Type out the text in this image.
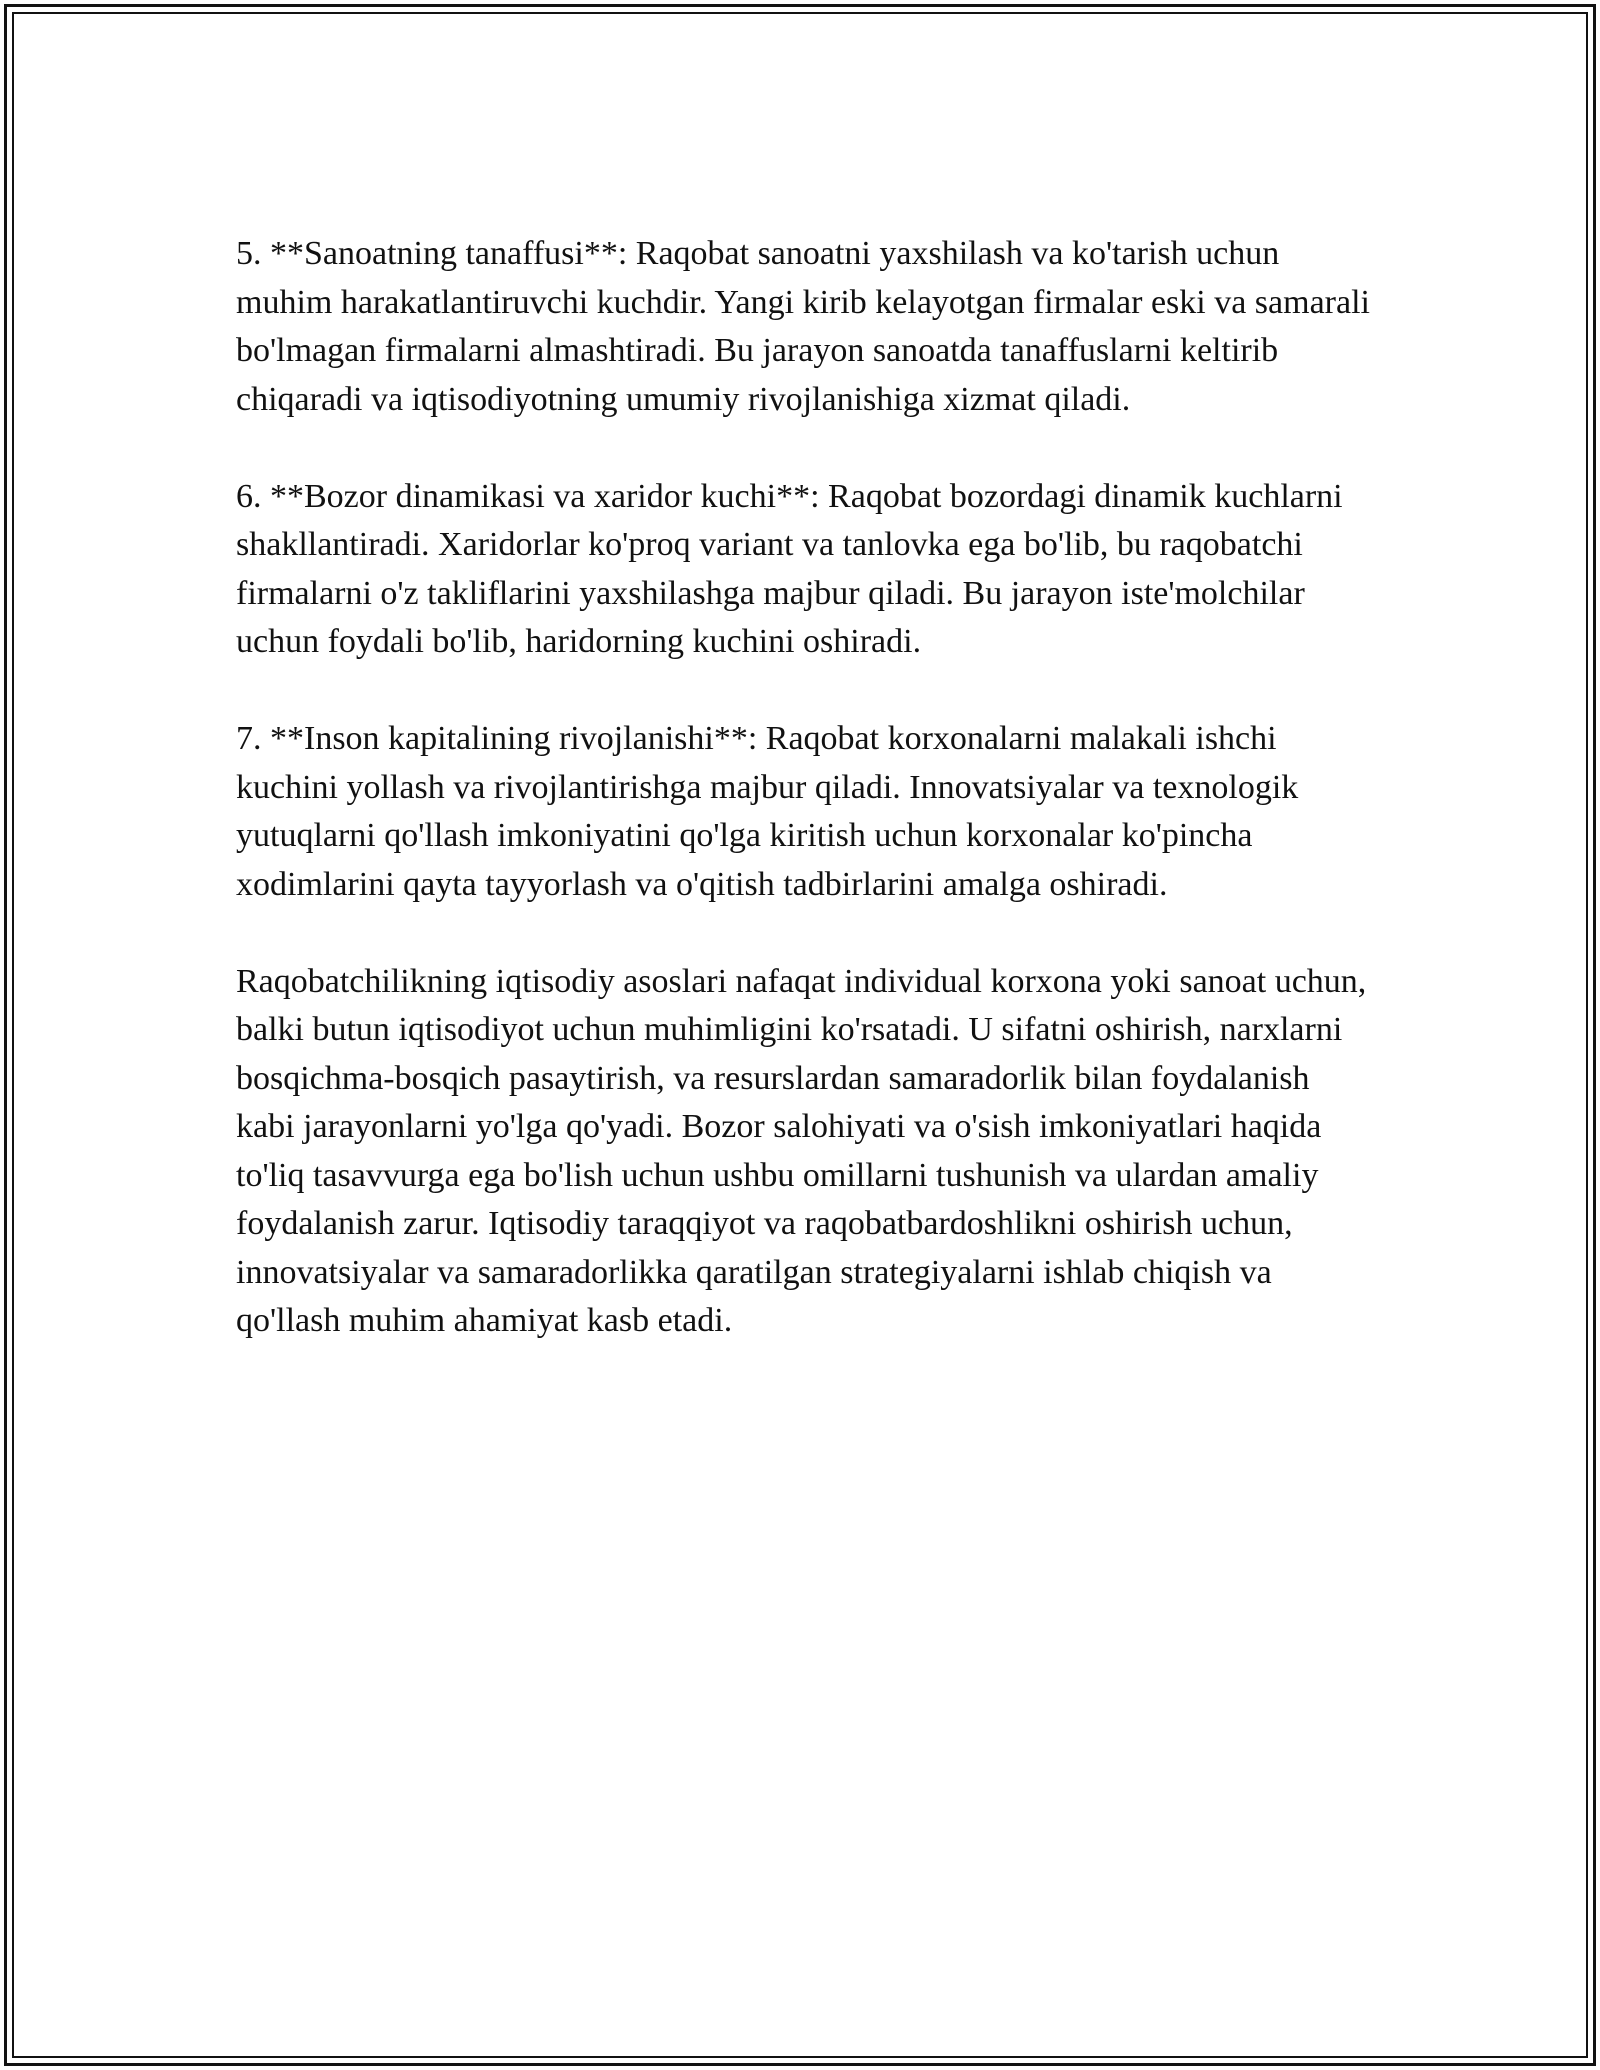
5. **Sanoatning tanaffusi**: Raqobat sanoatni yaxshilash va ko'tarish uchun muhim harakatlantiruvchi kuchdir. Yangi kirib kelayotgan firmalar eski va samarali bo'lmagan firmalarni almashtiradi. Bu jarayon sanoatda tanaffuslarni keltirib chiqaradi va iqtisodiyotning umumiy rivojlanishiga xizmat qiladi.

6. **Bozor dinamikasi va xaridor kuchi**: Raqobat bozordagi dinamik kuchlarni shakllantiradi. Xaridorlar ko'proq variant va tanlovka ega bo'lib, bu raqobatchi firmalarni o'z takliflarini yaxshilashga majbur qiladi. Bu jarayon iste'molchilar uchun foydali bo'lib, haridorning kuchini oshiradi.

7. **Inson kapitalining rivojlanishi**: Raqobat korxonalarni malakali ishchi kuchini yollash va rivojlantirishga majbur qiladi. Innovatsiyalar va texnologik yutuqlarni qo'llash imkoniyatini qo'lga kiritish uchun korxonalar ko'pincha xodimlarini qayta tayyorlash va o'qitish tadbirlarini amalga oshiradi.

Raqobatchilikning iqtisodiy asoslari nafaqat individual korxona yoki sanoat uchun, balki butun iqtisodiyot uchun muhimligini ko'rsatadi. U sifatni oshirish, narxlarni bosqichma-bosqich pasaytirish, va resurslardan samaradorlik bilan foydalanish kabi jarayonlarni yo'lga qo'yadi. Bozor salohiyati va o'sish imkoniyatlari haqida to'liq tasavvurga ega bo'lish uchun ushbu omillarni tushunish va ulardan amaliy foydalanish zarur. Iqtisodiy taraqqiyot va raqobatbardoshlikni oshirish uchun, innovatsiyalar va samaradorlikka qaratilgan strategiyalarni ishlab chiqish va qo'llash muhim ahamiyat kasb etadi.
